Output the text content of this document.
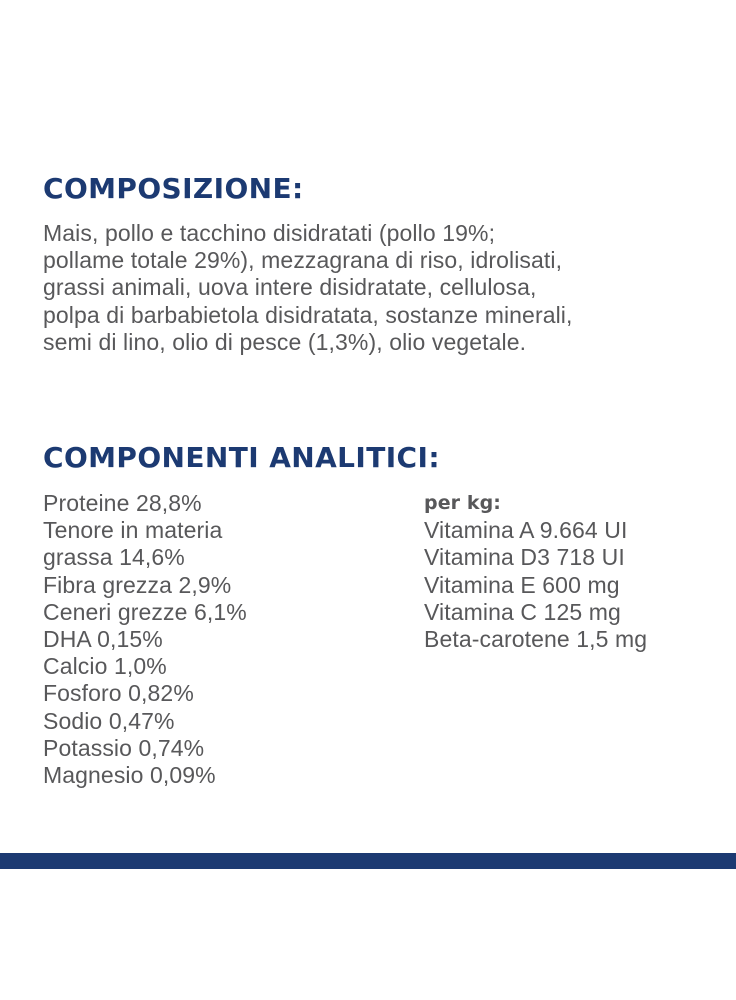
COMPOSIZIONE:

Mais, pollo e tacchino disidratati (pollo 19%;
pollame totale 29%), mezzagrana di riso, idrolisati,
grassi animali, uova intere disidratate, cellulosa,
polpa di barbabietola disidratata, sostanze minerali,
semi di lino, olio di pesce (1,3%), olio vegetale.

COMPONENTI ANALITICI:
Proteine 28,8%
Tenore in materia
grassa 14,6%
Fibra grezza 2,9%
Ceneri grezze 6,1%
DHA 0,15%
Calcio 1,0%
Fosforo 0,82%
Sodio 0,47%
Potassio 0,74%
Magnesio 0,09%
per kg:
Vitamina A 9.664 UI
Vitamina D3 718 UI
Vitamina E 600 mg
Vitamina C 125 mg
Beta-carotene 1,5 mg
